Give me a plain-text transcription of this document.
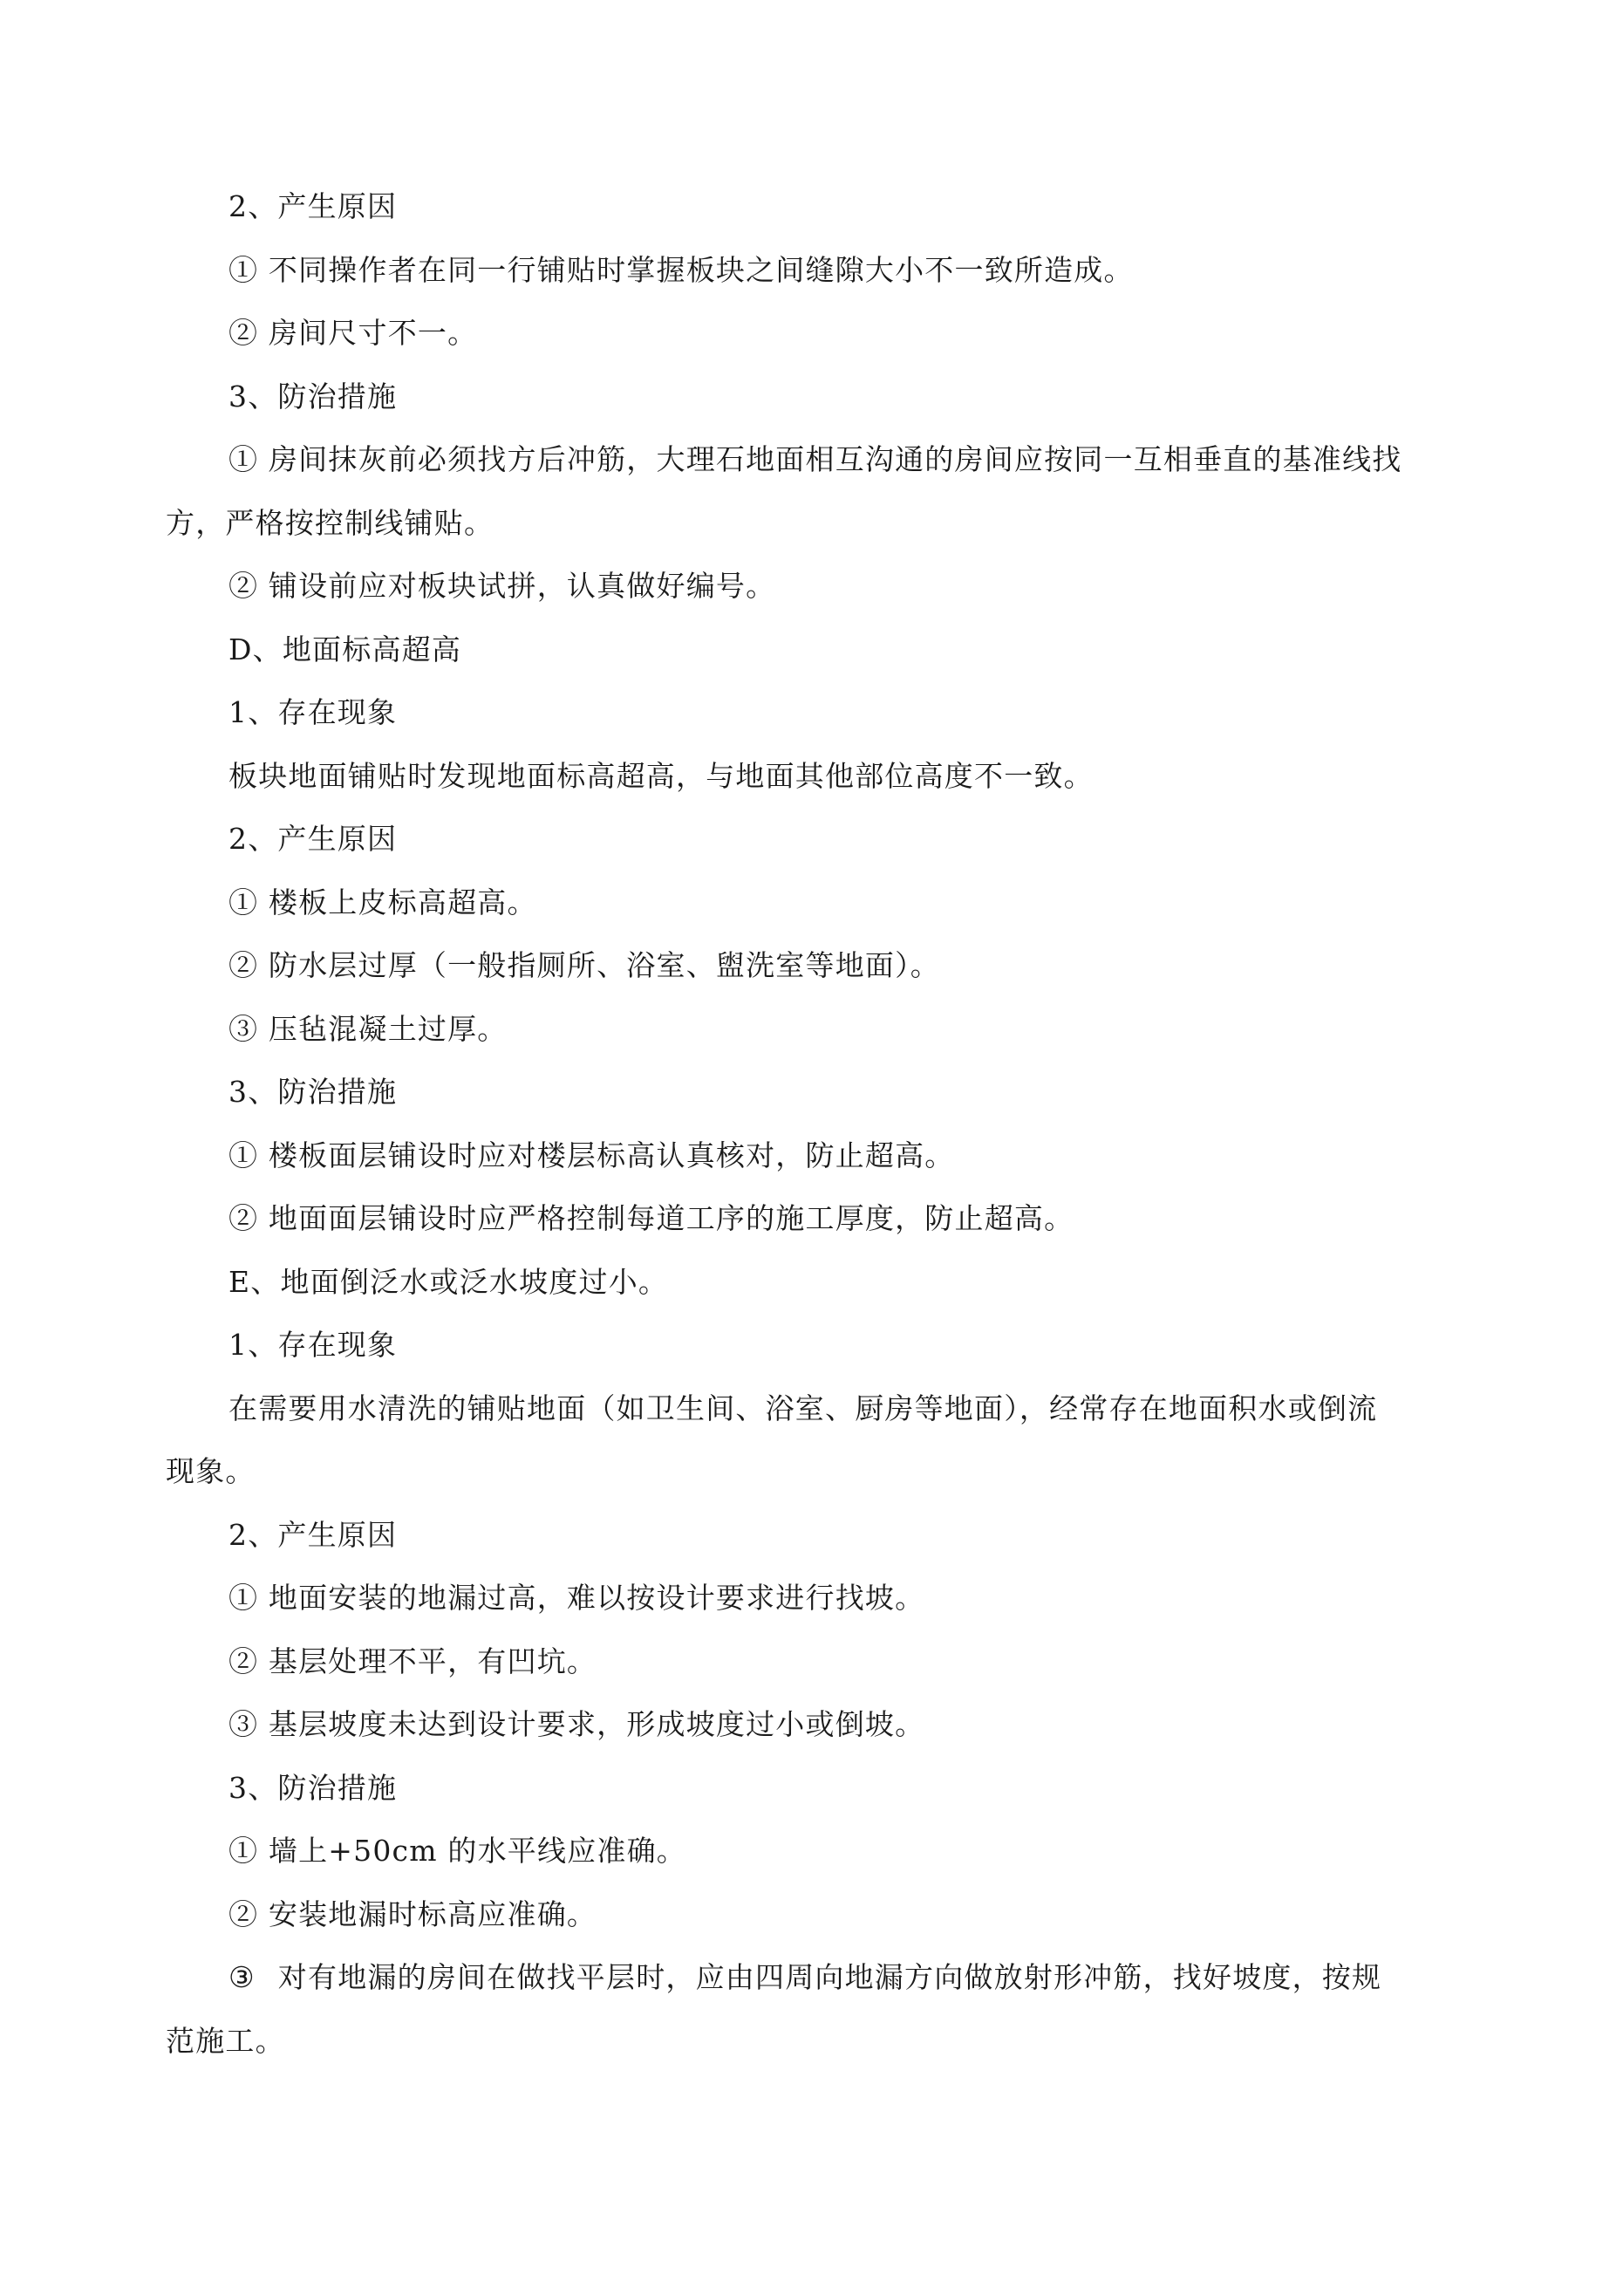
2、产生原因
① 不同操作者在同一行铺贴时掌握板块之间缝隙大小不一致所造成。
② 房间尺寸不一。
3、防治措施
① 房间抹灰前必须找方后冲筋，大理石地面相互沟通的房间应按同一互相垂直的基准线找
方，严格按控制线铺贴。
② 铺设前应对板块试拼，认真做好编号。
D、地面标高超高
1、存在现象
板块地面铺贴时发现地面标高超高，与地面其他部位高度不一致。
2、产生原因
① 楼板上皮标高超高。
② 防水层过厚（一般指厕所、浴室、盥洗室等地面）。
③ 压毡混凝土过厚。
3、防治措施
① 楼板面层铺设时应对楼层标高认真核对，防止超高。
② 地面面层铺设时应严格控制每道工序的施工厚度，防止超高。
E、地面倒泛水或泛水坡度过小。
1、存在现象
在需要用水清洗的铺贴地面（如卫生间、浴室、厨房等地面），经常存在地面积水或倒流
现象。
2、产生原因
① 地面安装的地漏过高，难以按设计要求进行找坡。
② 基层处理不平，有凹坑。
③ 基层坡度未达到设计要求，形成坡度过小或倒坡。
3、防治措施
① 墙上+50cm 的水平线应准确。
② 安装地漏时标高应准确。
③ 对有地漏的房间在做找平层时，应由四周向地漏方向做放射形冲筋，找好坡度，按规
范施工。
